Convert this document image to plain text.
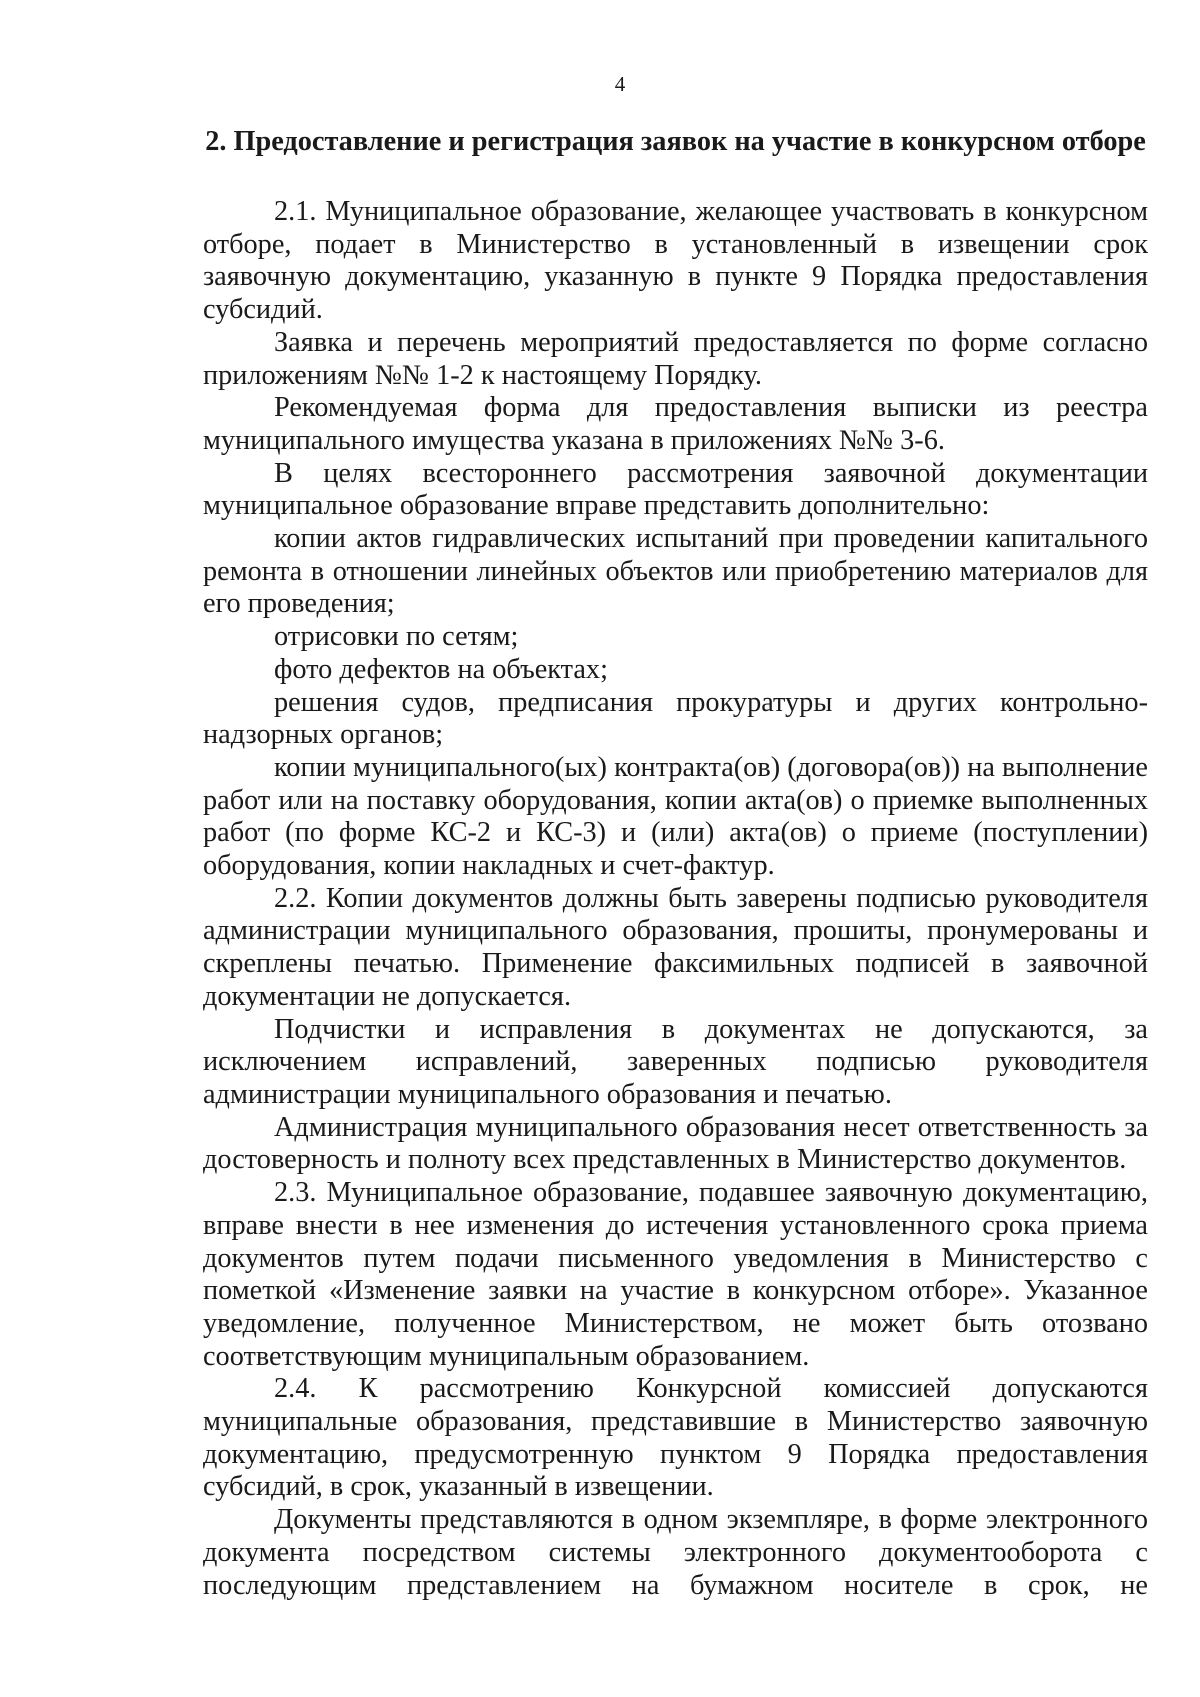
4
2. Предоставление и регистрация заявок на участие в конкурсном отборе

2.1. Муниципальное образование, желающее участвовать в конкурсном отборе, подает в Министерство в установленный в извещении срок заявочную документацию, указанную в пункте 9 Порядка предоставления субсидий.

Заявка и перечень мероприятий предоставляется по форме согласно приложениям №№ 1-2 к настоящему Порядку.

Рекомендуемая форма для предоставления выписки из реестра муниципального имущества указана в приложениях №№ 3-6.

В целях всестороннего рассмотрения заявочной документации муниципальное образование вправе представить дополнительно:

копии актов гидравлических испытаний при проведении капитального ремонта в отношении линейных объектов или приобретению материалов для его проведения;

отрисовки по сетям;

фото дефектов на объектах;

решения судов, предписания прокуратуры и других контрольно-надзорных органов;

копии муниципального(ых) контракта(ов) (договора(ов)) на выполнение работ или на поставку оборудования, копии акта(ов) о приемке выполненных работ (по форме КС-2 и КС-3) и (или) акта(ов) о приеме (поступлении) оборудования, копии накладных и счет-фактур.

2.2. Копии документов должны быть заверены подписью руководителя администрации муниципального образования, прошиты, пронумерованы и скреплены печатью. Применение факсимильных подписей в заявочной документации не допускается.

Подчистки и исправления в документах не допускаются, за исключением исправлений, заверенных подписью руководителя администрации муниципального образования и печатью.

Администрация муниципального образования несет ответственность за достоверность и полноту всех представленных в Министерство документов.

2.3. Муниципальное образование, подавшее заявочную документацию, вправе внести в нее изменения до истечения установленного срока приема документов путем подачи письменного уведомления в Министерство с пометкой «Изменение заявки на участие в конкурсном отборе». Указанное уведомление, полученное Министерством, не может быть отозвано соответствующим муниципальным образованием.

2.4. К рассмотрению Конкурсной комиссией допускаются муниципальные образования, представившие в Министерство заявочную документацию, предусмотренную пунктом 9 Порядка предоставления субсидий, в срок, указанный в извещении.

Документы представляются в одном экземпляре, в форме электронного документа посредством системы электронного документооборота с последующим представлением на бумажном носителе в срок, не
